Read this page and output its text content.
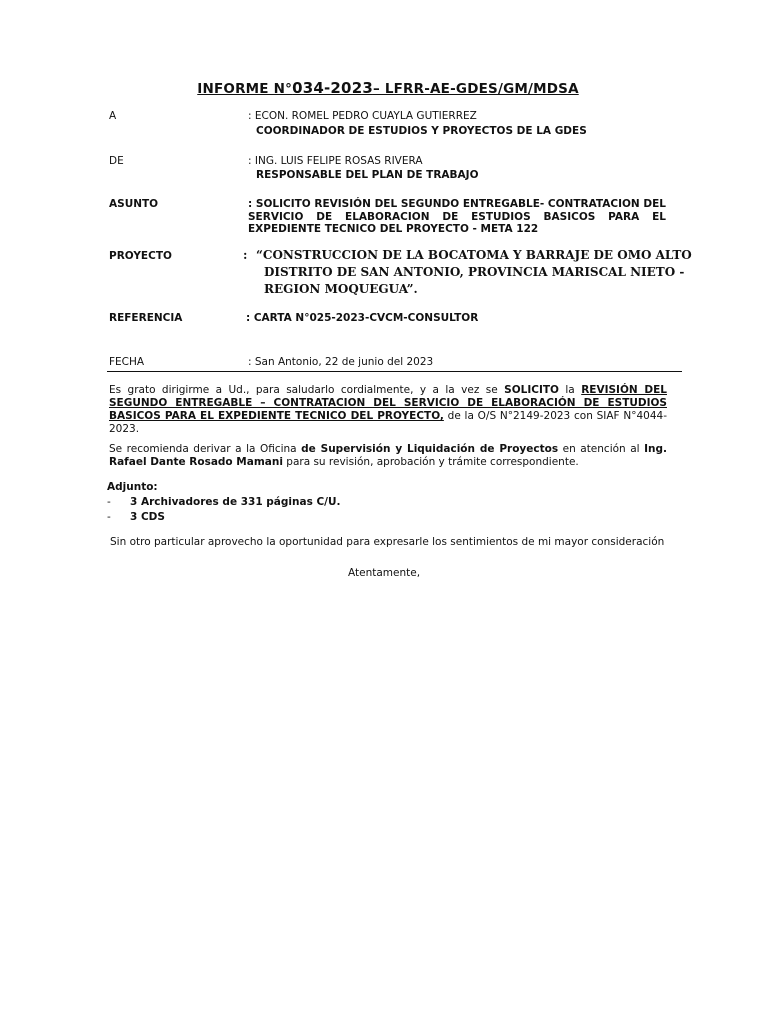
INFORME N°034-2023– LFRR-AE-GDES/GM/MDSA
A	: ECON. ROMEL PEDRO CUAYLA GUTIERREZ
COORDINADOR DE ESTUDIOS Y PROYECTOS DE LA GDES
DE	: ING. LUIS FELIPE ROSAS RIVERA
RESPONSABLE DEL PLAN DE TRABAJO
ASUNTO	: SOLICITO REVISIÓN DEL SEGUNDO ENTREGABLE- CONTRATACION DEL SERVICIO DE ELABORACION DE ESTUDIOS BASICOS PARA EL EXPEDIENTE TECNICO DEL PROYECTO - META 122
PROYECTO	: “CONSTRUCCION DE LA BOCATOMA Y BARRAJE DE OMO ALTO
DISTRITO DE SAN ANTONIO, PROVINCIA MARISCAL NIETO -
REGION MOQUEGUA”.
REFERENCIA	: CARTA N°025-2023-CVCM-CONSULTOR
FECHA	: San Antonio, 22 de junio del 2023
Es grato dirigirme a Ud., para saludarlo cordialmente, y a la vez se SOLICITO la REVISIÓN DEL SEGUNDO ENTREGABLE – CONTRATACION DEL SERVICIO DE ELABORACIÓN DE ESTUDIOS BASICOS PARA EL EXPEDIENTE TECNICO DEL PROYECTO, de la O/S N°2149-2023 con SIAF N°4044- 2023.
Se recomienda derivar a la Oficina de Supervisión y Liquidación de Proyectos en atención al Ing. Rafael Dante Rosado Mamani para su revisión, aprobación y trámite correspondiente.
Adjunto:
- 3 Archivadores de 331 páginas C/U.
- 3 CDS
Sin otro particular aprovecho la oportunidad para expresarle los sentimientos de mi mayor consideración
Atentamente,
